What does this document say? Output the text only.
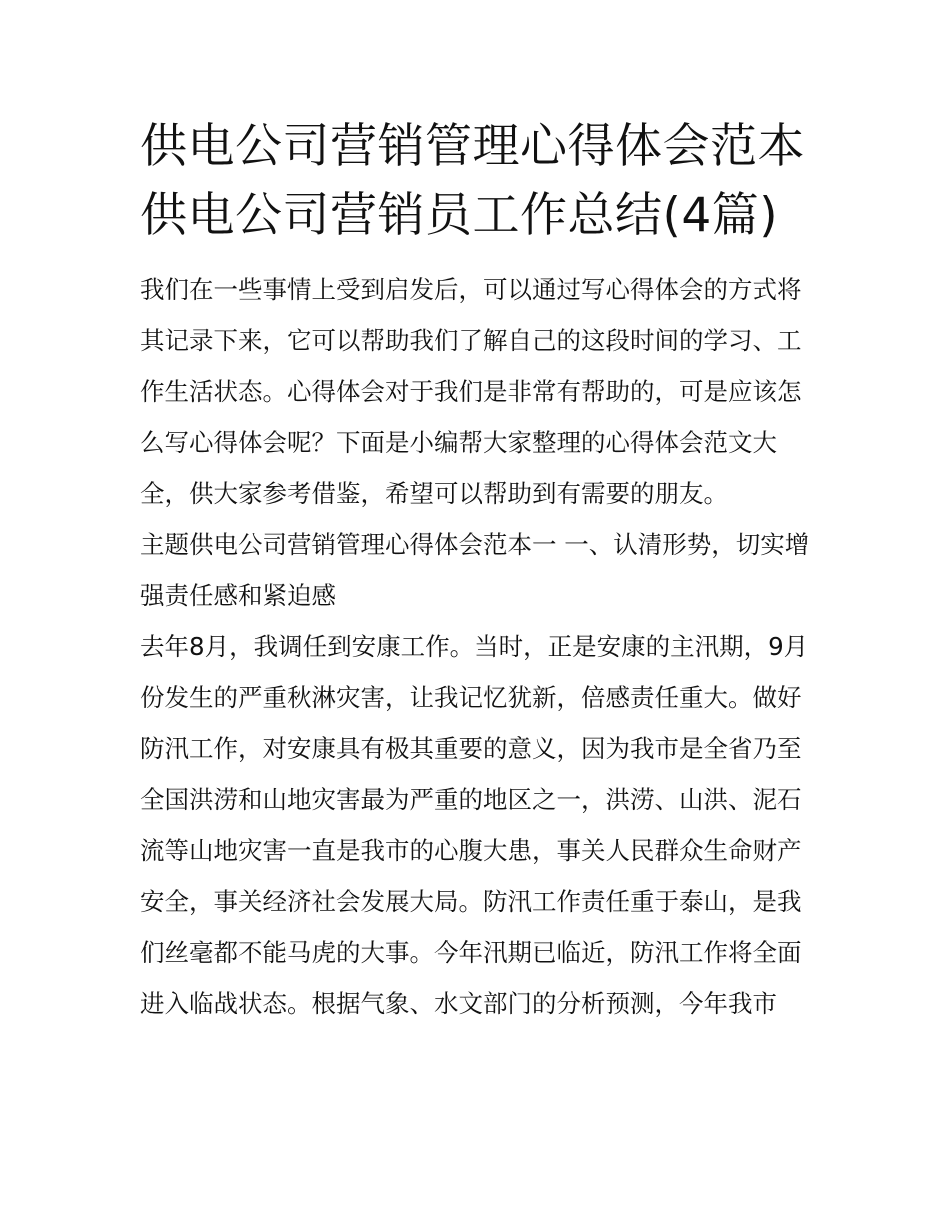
供电公司营销管理心得体会范本 供电公司营销员工作总结(4篇)

我们在一些事情上受到启发后，可以通过写心得体会的方式将其记录下来，它可以帮助我们了解自己的这段时间的学习、工作生活状态。心得体会对于我们是非常有帮助的，可是应该怎么写心得体会呢？下面是小编帮大家整理的心得体会范文大全，供大家参考借鉴，希望可以帮助到有需要的朋友。

主题供电公司营销管理心得体会范本一 一、认清形势，切实增强责任感和紧迫感

去年8月，我调任到安康工作。当时，正是安康的主汛期，9月份发生的严重秋淋灾害，让我记忆犹新，倍感责任重大。做好防汛工作，对安康具有极其重要的意义，因为我市是全省乃至全国洪涝和山地灾害最为严重的地区之一，洪涝、山洪、泥石流等山地灾害一直是我市的心腹大患，事关人民群众生命财产安全，事关经济社会发展大局。防汛工作责任重于泰山，是我们丝毫都不能马虎的大事。今年汛期已临近，防汛工作将全面进入临战状态。根据气象、水文部门的分析预测，今年我市
